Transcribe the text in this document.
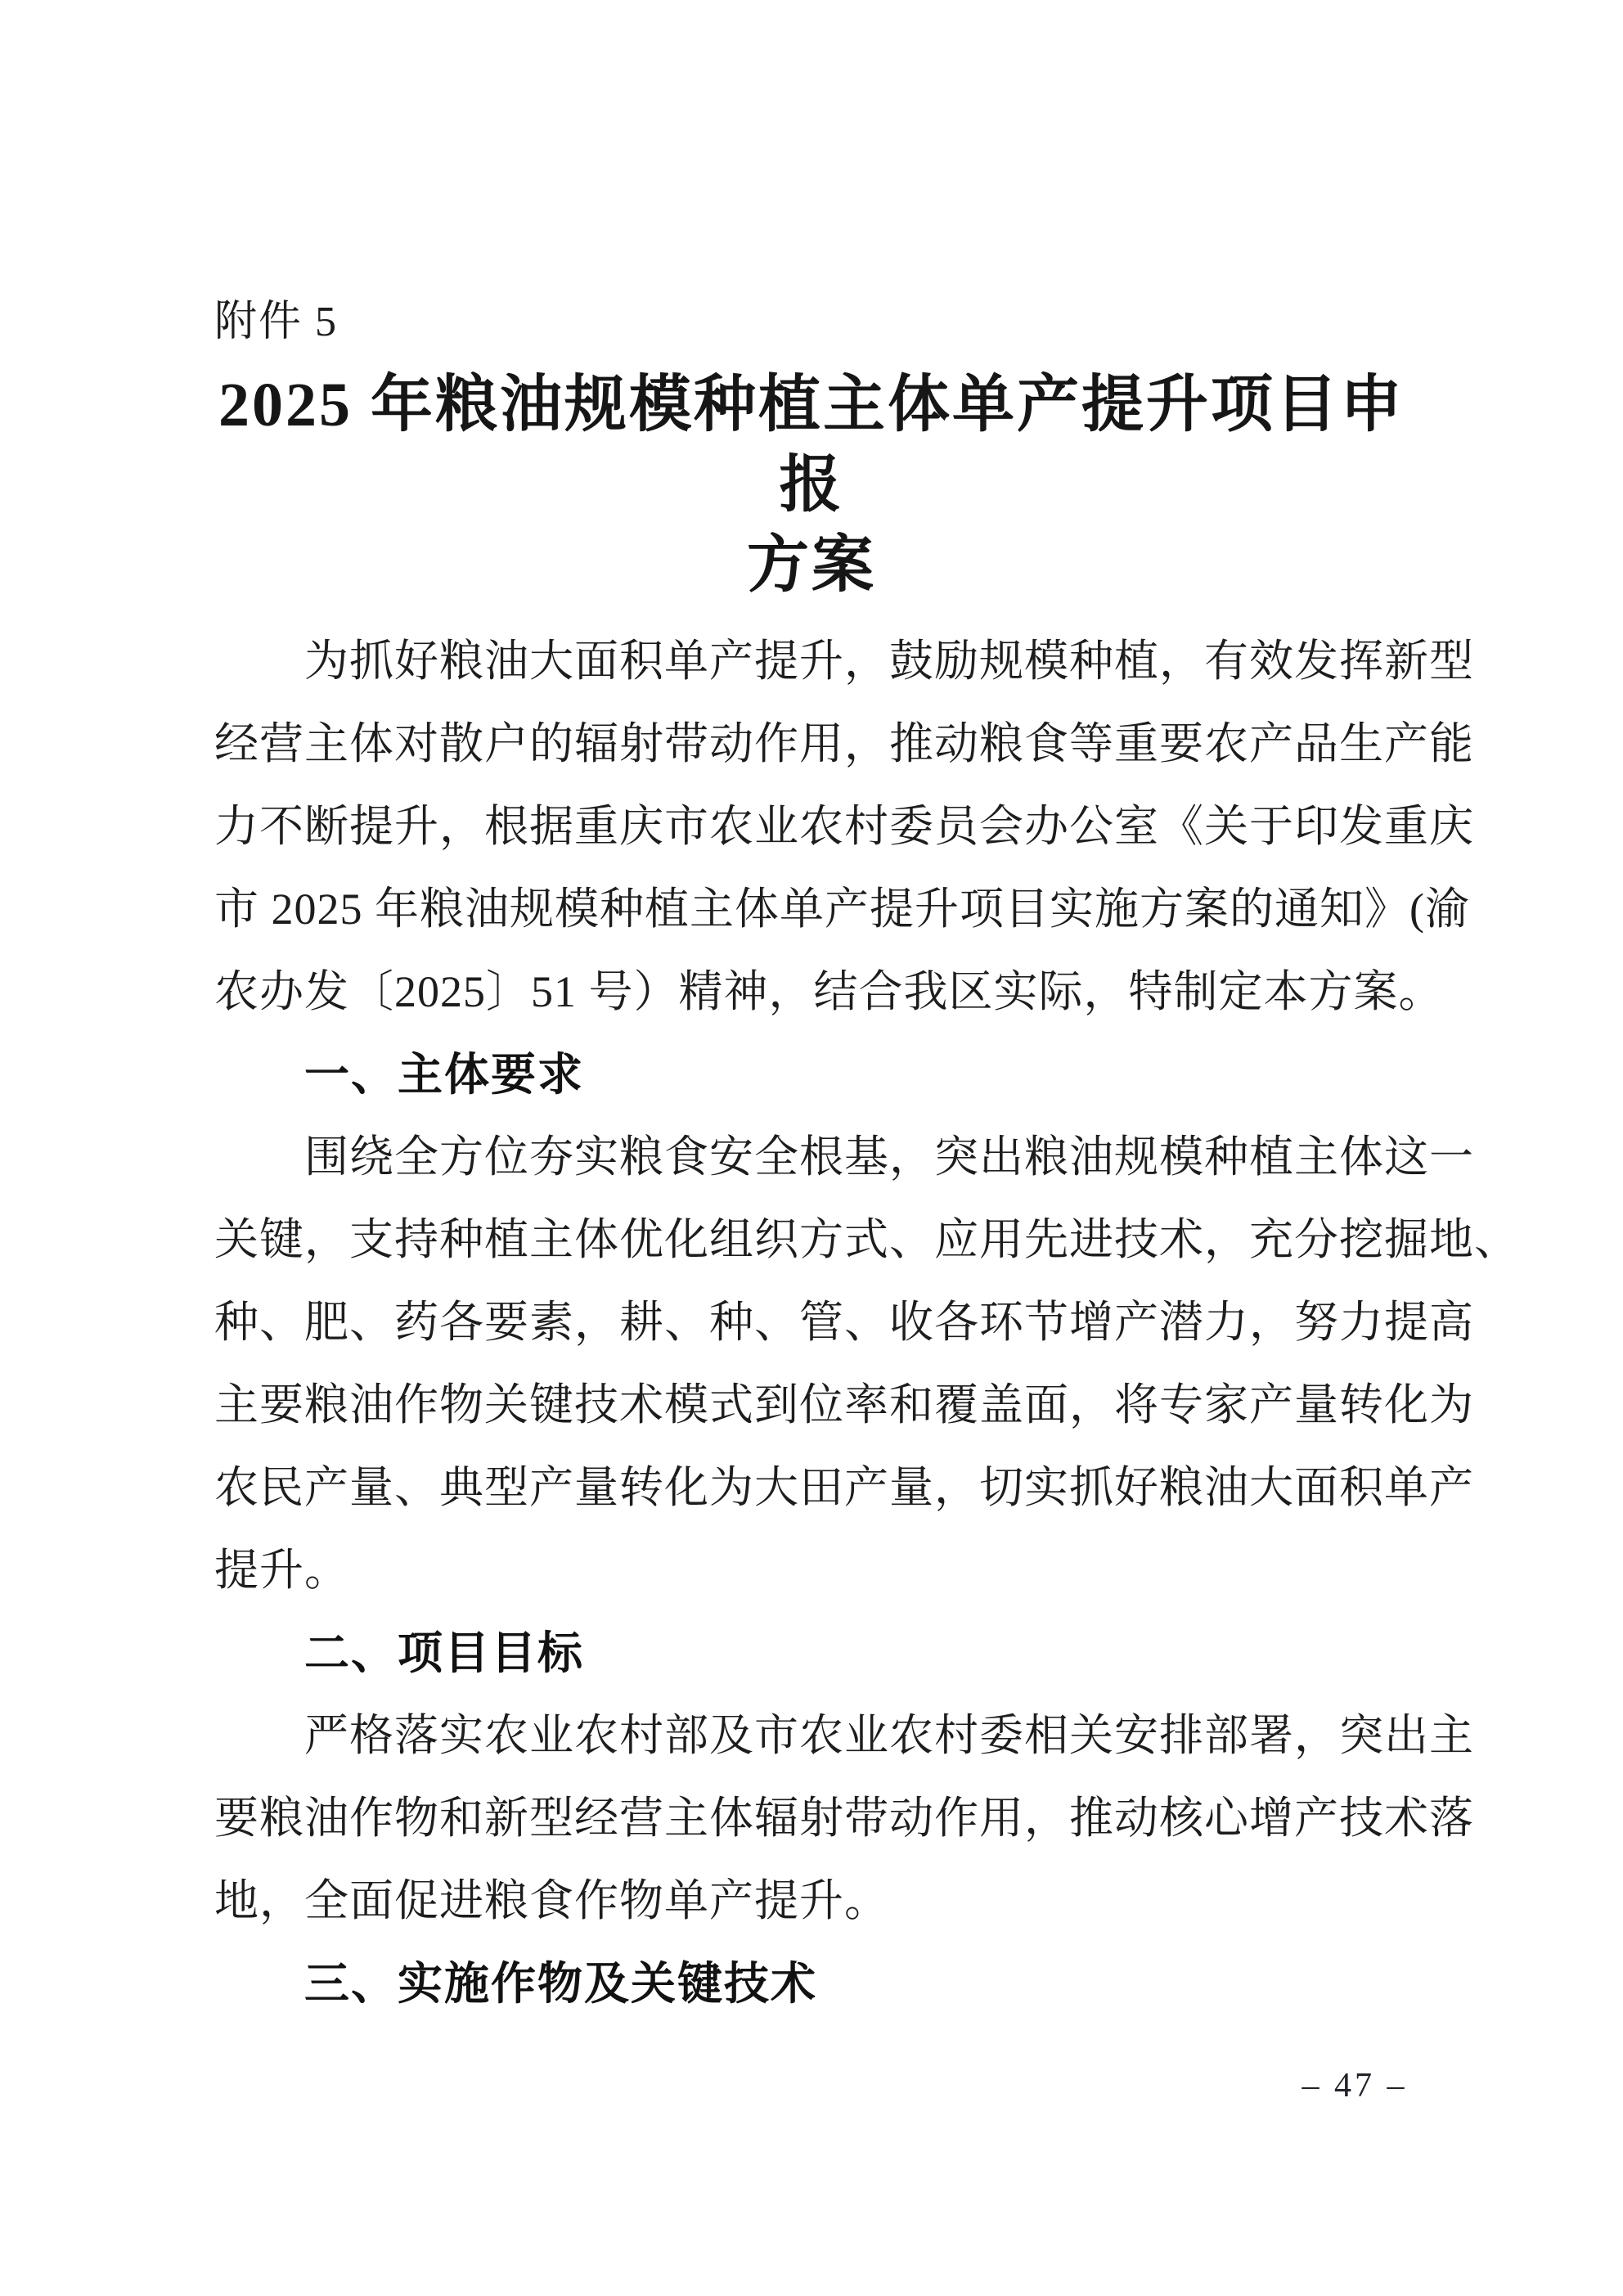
附件 5
2025 年粮油规模种植主体单产提升项目申报
方案
为抓好粮油大面积单产提升，鼓励规模种植，有效发挥新型
经营主体对散户的辐射带动作用，推动粮食等重要农产品生产能
力不断提升，根据重庆市农业农村委员会办公室《关于印发重庆
市 2025 年粮油规模种植主体单产提升项目实施方案的通知》(渝
农办发〔2025〕51 号）精神，结合我区实际，特制定本方案。
一、主体要求
围绕全方位夯实粮食安全根基，突出粮油规模种植主体这一
关键，支持种植主体优化组织方式、应用先进技术，充分挖掘地、
种、肥、药各要素，耕、种、管、收各环节增产潜力，努力提高
主要粮油作物关键技术模式到位率和覆盖面，将专家产量转化为
农民产量、典型产量转化为大田产量，切实抓好粮油大面积单产
提升。
二、项目目标
严格落实农业农村部及市农业农村委相关安排部署，突出主
要粮油作物和新型经营主体辐射带动作用，推动核心增产技术落
地，全面促进粮食作物单产提升。
三、实施作物及关键技术
– 47 –
